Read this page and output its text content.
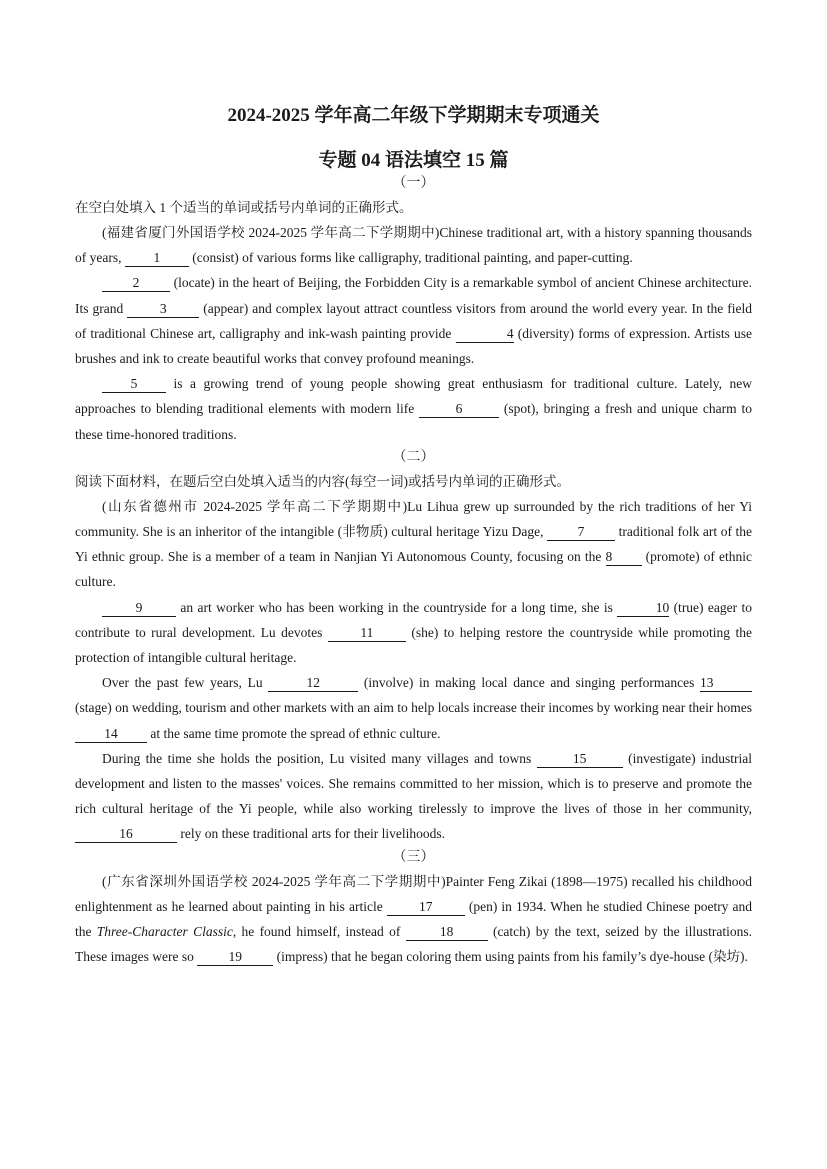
2024-2025 学年高二年级下学期期末专项通关

专题 04 语法填空 15 篇

（一）

在空白处填入 1 个适当的单词或括号内单词的正确形式。

(福建省厦门外国语学校 2024-2025 学年高二下学期期中)Chinese traditional art, with a history spanning thousands of years, 1 (consist) of various forms like calligraphy, traditional painting, and paper-cutting.

2 (locate) in the heart of Beijing, the Forbidden City is a remarkable symbol of ancient Chinese architecture. Its grand 3 (appear) and complex layout attract countless visitors from around the world every year. In the field of traditional Chinese art, calligraphy and ink-wash painting provide	4 (diversity) forms of expression. Artists use brushes and ink to create beautiful works that convey profound meanings.

5 is a growing trend of young people showing great enthusiasm for traditional culture. Lately, new approaches to blending traditional elements with modern life	6	(spot), bringing a fresh and unique charm to these time-honored traditions.

（二）

阅读下面材料，在题后空白处填入适当的内容(每空一词)或括号内单词的正确形式。

(山东省德州市 2024-2025 学年高二下学期期中)Lu Lihua grew up surrounded by the rich traditions of her Yi community. She is an inheritor of the intangible (非物质) cultural heritage Yizu Dage, 7 traditional folk art of the Yi ethnic group. She is a member of a team in Nanjian Yi Autonomous County, focusing on the 8 (promote) of ethnic culture.

9 an art worker who has been working in the countryside for a long time, she is	10 (true) eager to contribute to rural development. Lu devotes 11 (she) to helping restore the countryside while promoting the protection of intangible cultural heritage.

Over the past few years, Lu	12	(involve) in making local dance and singing performances 13 (stage) on wedding, tourism and other markets with an aim to help locals increase their incomes by working near their homes 14 at the same time promote the spread of ethnic culture.

During the time she holds the position, Lu visited many villages and towns	15	(investigate) industrial development and listen to the masses' voices. She remains committed to her mission, which is to preserve and promote the rich cultural heritage of the Yi people, while also working tirelessly to improve the lives of those in her community, 16	rely on these traditional arts for their livelihoods.

（三）

(广东省深圳外国语学校 2024-2025 学年高二下学期期中)Painter Feng Zikai (1898—1975) recalled his childhood enlightenment as he learned about painting in his article 17 (pen) in 1934. When he studied Chinese poetry and the Three-Character Classic, he found himself, instead of	18	(catch) by the text, seized by the illustrations. These images were so 19 (impress) that he began coloring them using paints from his family’s dye-house (染坊).
